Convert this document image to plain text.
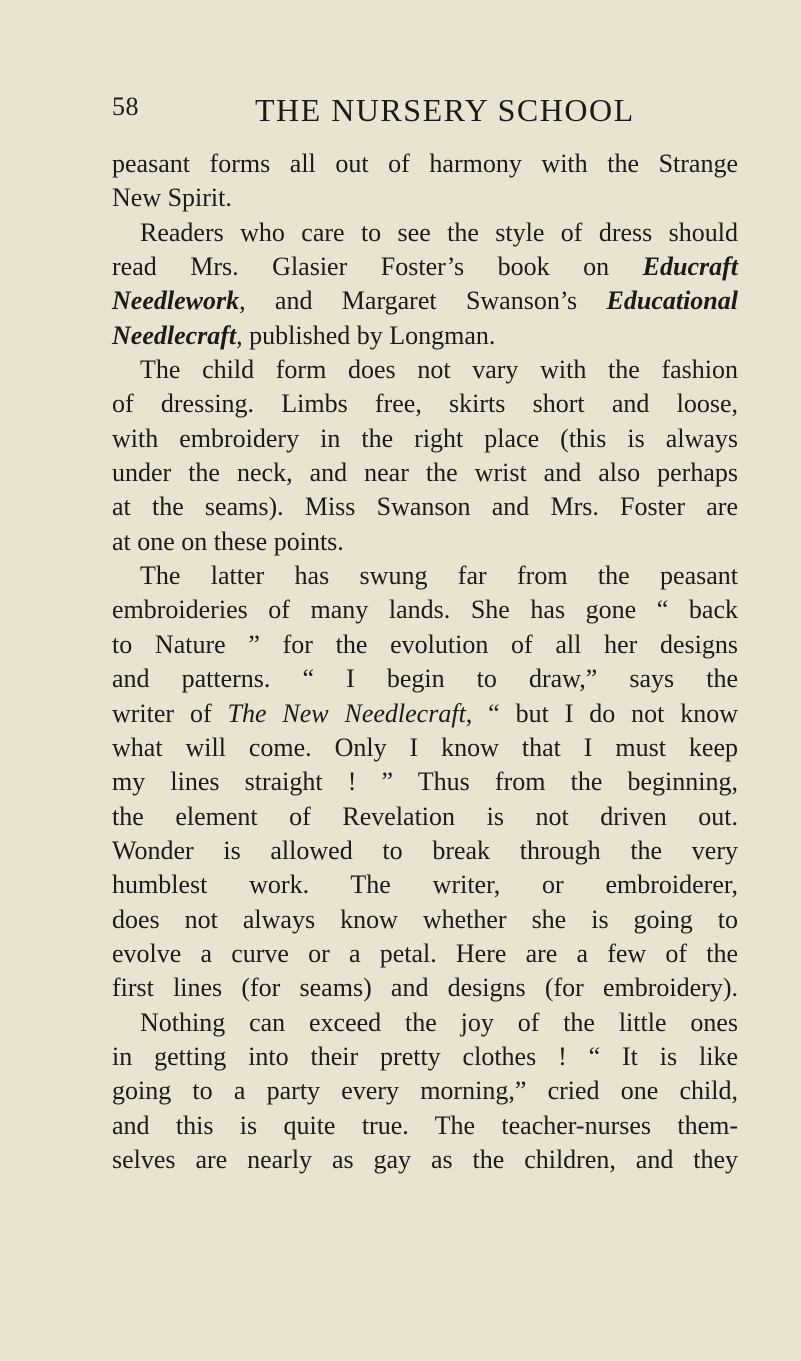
58	THE NURSERY SCHOOL

peasant forms all out of harmony with the Strange
New Spirit.

Readers who care to see the style of dress should
read Mrs. Glasier Foster’s book on Educraft
Needlework, and Margaret Swanson’s Educational
Needlecraft, published by Longman.

The child form does not vary with the fashion
of dressing. Limbs free, skirts short and loose,
with embroidery in the right place (this is always
under the neck, and near the wrist and also perhaps
at the seams). Miss Swanson and Mrs. Foster are
at one on these points.

The latter has swung far from the peasant
embroideries of many lands. She has gone “ back
to Nature ” for the evolution of all her designs
and patterns. “ I begin to draw,” says the
writer of The New Needlecraft, “ but I do not know
what will come. Only I know that I must keep
my lines straight ! ” Thus from the beginning,
the element of Revelation is not driven out.
Wonder is allowed to break through the very
humblest work. The writer, or embroiderer,
does not always know whether she is going to
evolve a curve or a petal. Here are a few of the
first lines (for seams) and designs (for embroidery).

Nothing can exceed the joy of the little ones
in getting into their pretty clothes ! “ It is like
going to a party every morning,” cried one child,
and this is quite true. The teacher-nurses them-
selves are nearly as gay as the children, and they
